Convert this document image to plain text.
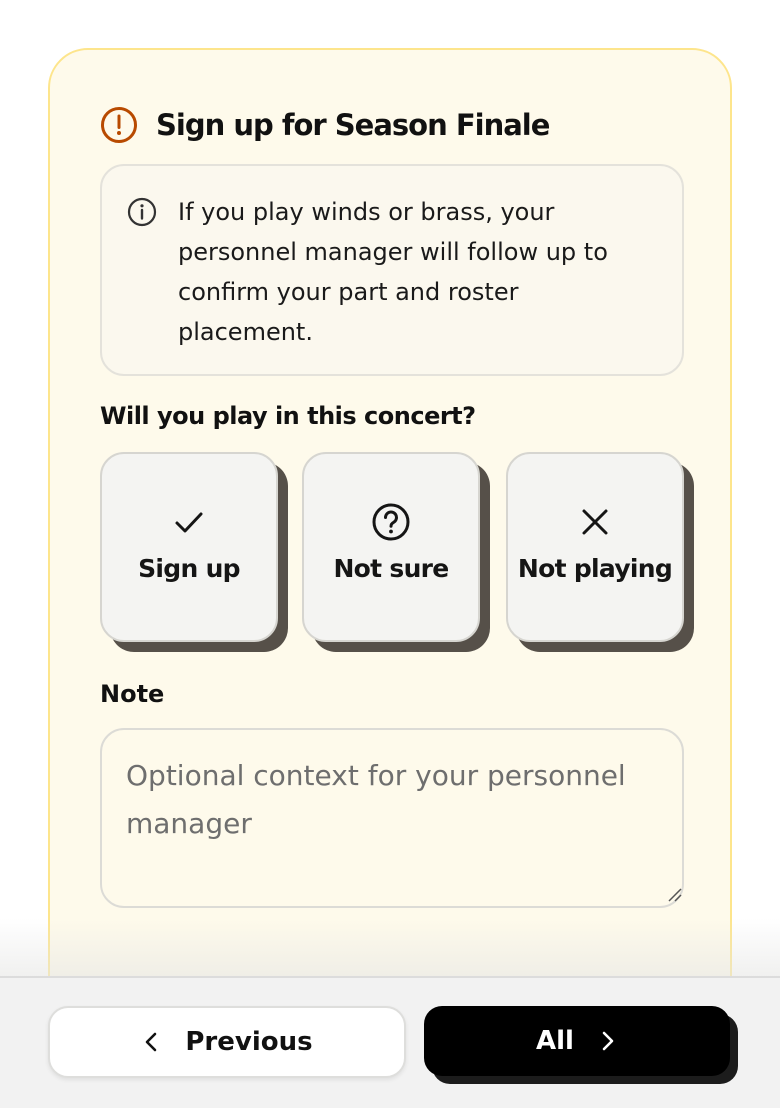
Sign up for Season Finale
If you play winds or brass, your personnel manager will follow up to confirm your part and roster placement.
Will you play in this concert?
Sign up	Not sure	Not playing
Note
Optional context for your personnel manager
Previous	All
